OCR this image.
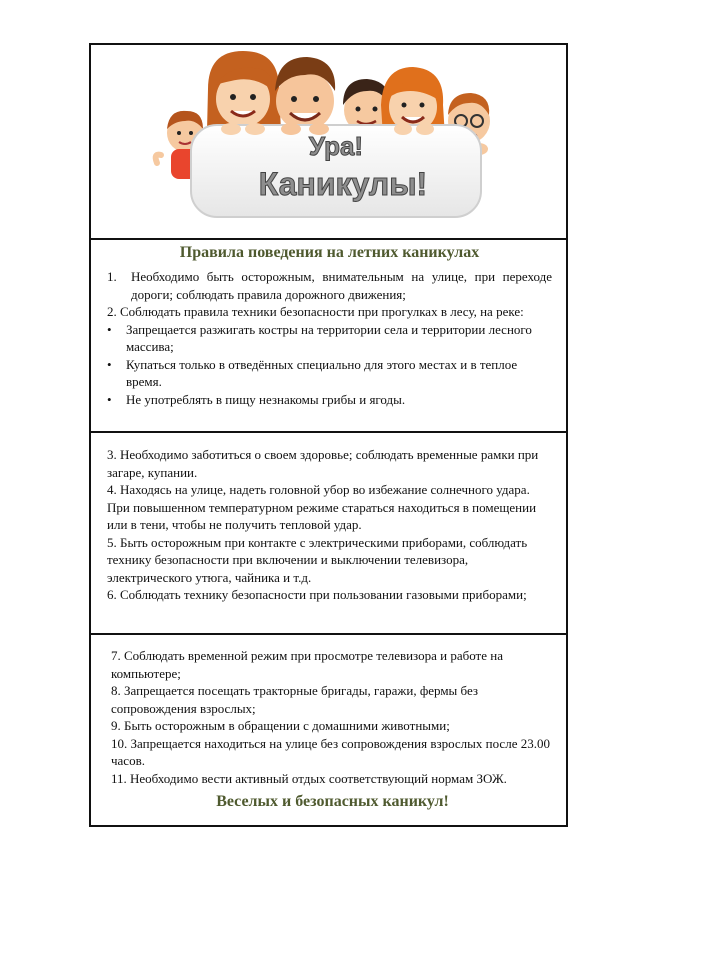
Ура!
Каникулы!
Правила поведения на летних каникулах
1.	Необходимо быть осторожным, внимательным на улице, при переходе дороги; соблюдать правила дорожного движения;

2. Соблюдать правила техники безопасности при прогулках в лесу, на реке:

•	Запрещается разжигать костры на территории села и территории лесного массива;
•	Купаться только в отведённых специально для этого местах и в теплое время.
•	Не употреблять в пищу незнакомы грибы и ягоды.

3. Необходимо заботиться о своем здоровье; соблюдать временные рамки при загаре, купании.

4. Находясь на улице, надеть головной убор во избежание солнечного удара. При повышенном температурном режиме стараться находиться в помещении или в тени, чтобы не получить тепловой удар.

5. Быть осторожным при контакте с электрическими приборами, соблюдать технику безопасности при включении и выключении телевизора, электрического утюга, чайника и т.д.

6. Соблюдать технику безопасности при пользовании газовыми приборами;

7. Соблюдать временной режим при просмотре телевизора и работе на компьютере;

8. Запрещается посещать тракторные бригады, гаражи, фермы без сопровождения взрослых;

9. Быть осторожным в обращении с домашними животными;

10. Запрещается находиться на улице без сопровождения взрослых после 23.00 часов.

11. Необходимо вести активный отдых соответствующий нормам ЗОЖ.

Веселых и безопасных каникул!
